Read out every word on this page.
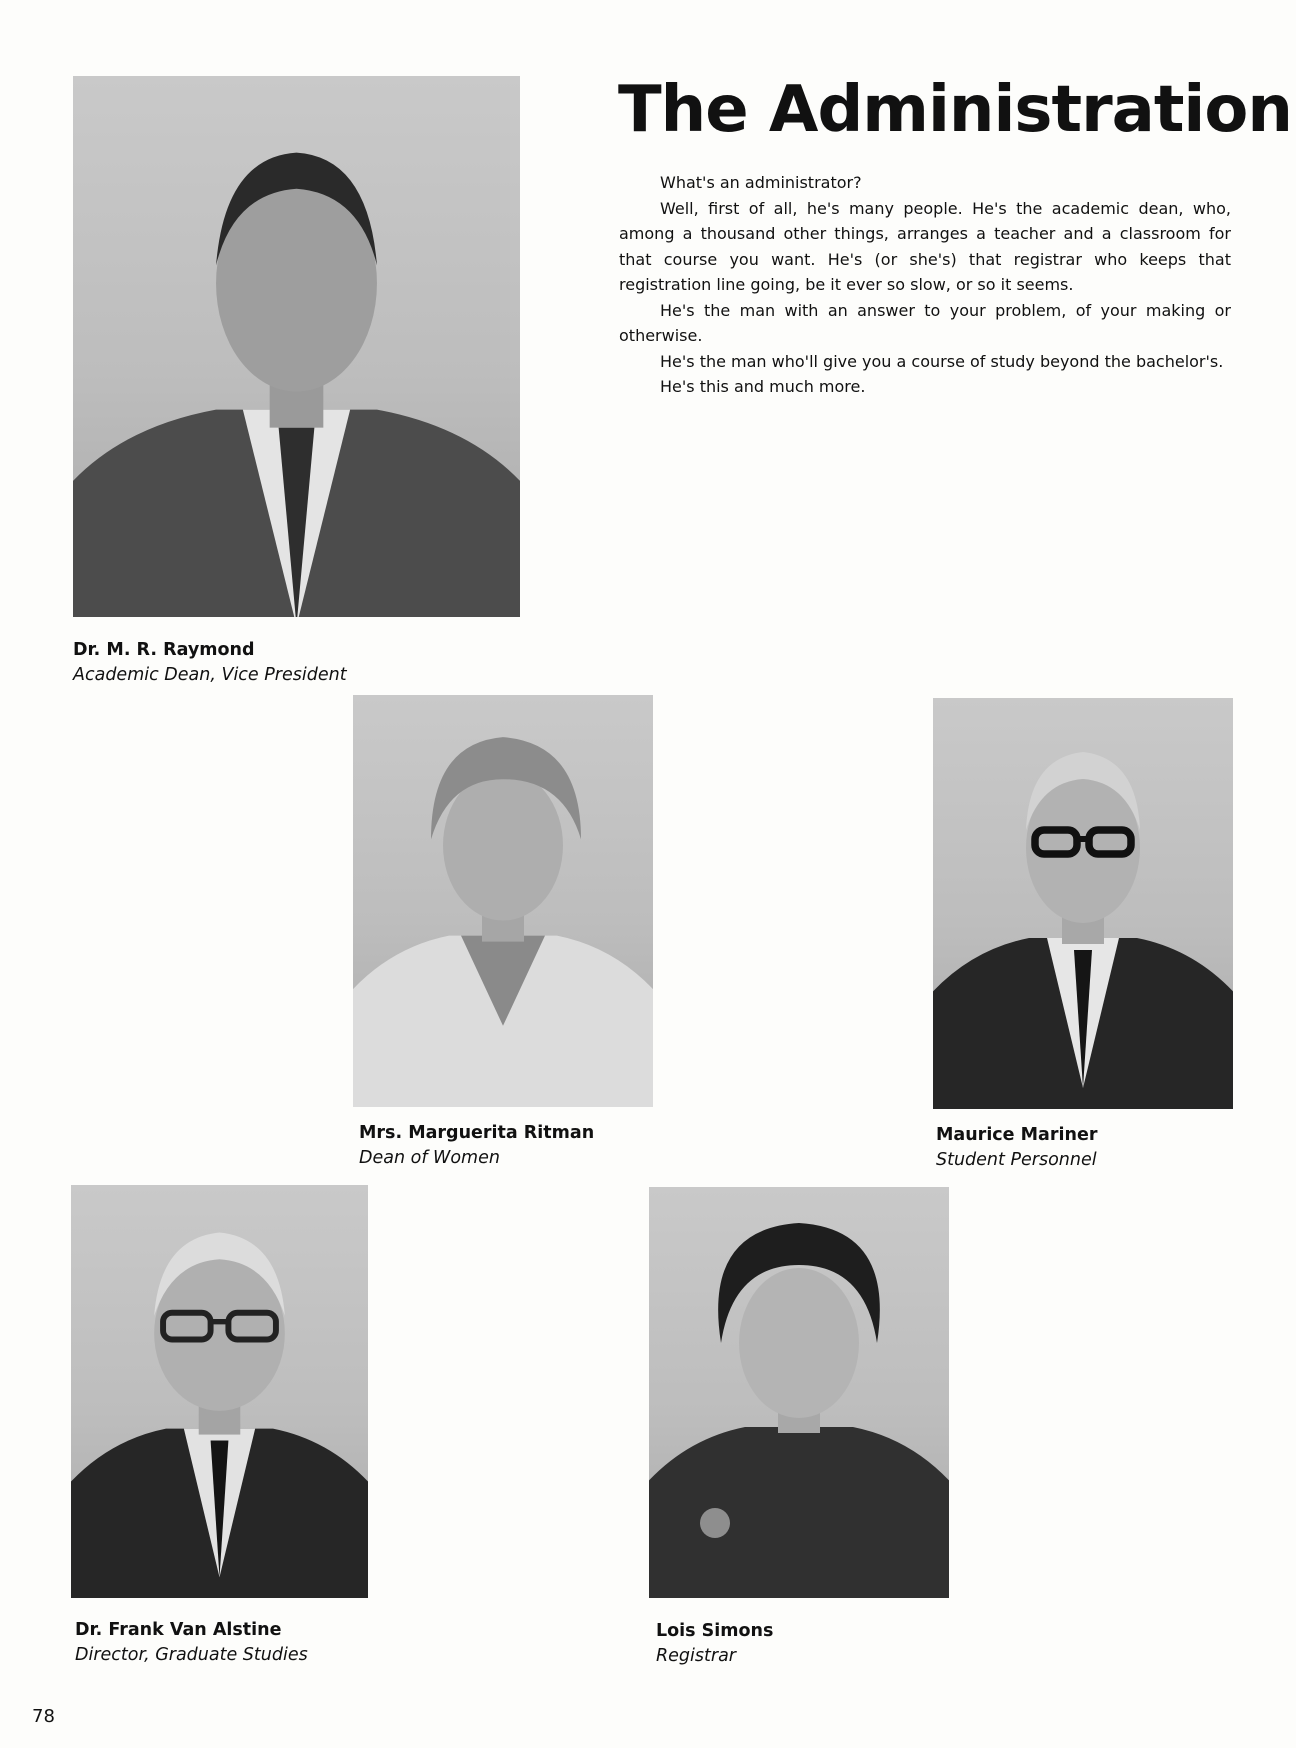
The Administration

What's an administrator?

Well, first of all, he's many people. He's the academic dean, who, among a thousand other things, arranges a teacher and a classroom for that course you want. He's (or she's) that registrar who keeps that registration line going, be it ever so slow, or so it seems.

He's the man with an answer to your problem, of your making or otherwise.

He's the man who'll give you a course of study beyond the bachelor's.

He's this and much more.

Dr. M. R. Raymond
Academic Dean, Vice President
Mrs. Marguerita Ritman
Dean of Women
Maurice Mariner
Student Personnel
Dr. Frank Van Alstine
Director, Graduate Studies
Lois Simons
Registrar
78
